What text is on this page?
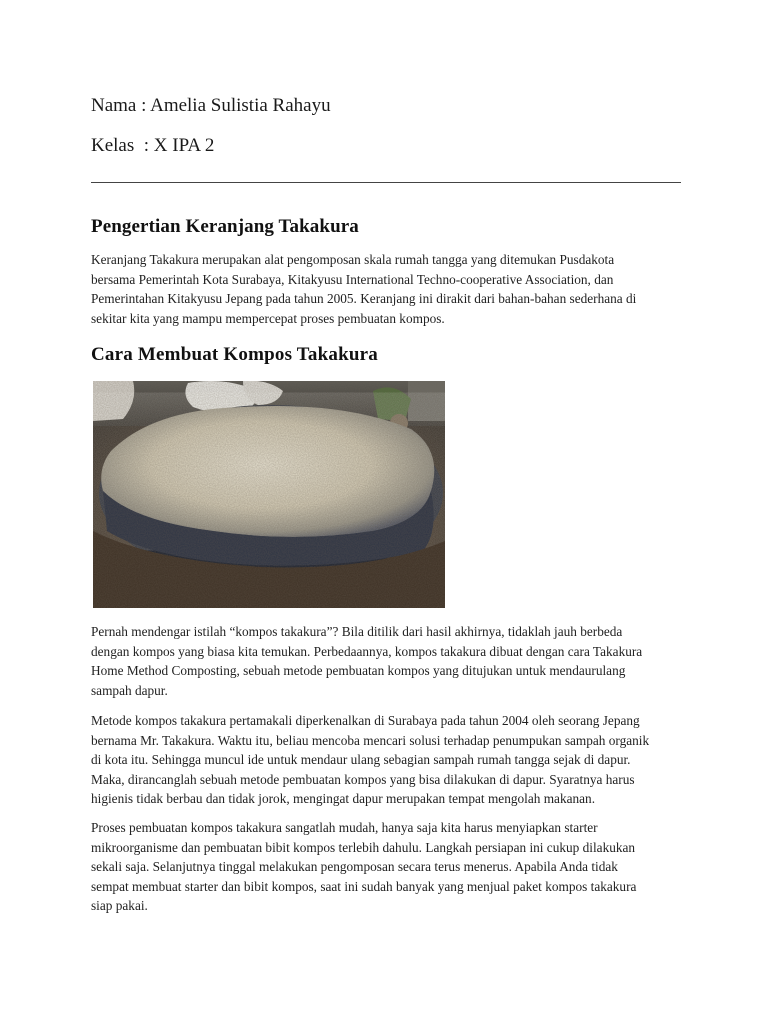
Nama : Amelia Sulistia Rahayu
Kelas  : X IPA 2
Pengertian Keranjang Takakura
Keranjang Takakura merupakan alat pengomposan skala rumah tangga yang ditemukan Pusdakota
bersama Pemerintah Kota Surabaya, Kitakyusu International Techno-cooperative Association, dan
Pemerintahan Kitakyusu Jepang pada tahun 2005. Keranjang ini dirakit dari bahan-bahan sederhana di
sekitar kita yang mampu mempercepat proses pembuatan kompos.
Cara Membuat Kompos Takakura
Pernah mendengar istilah “kompos takakura”? Bila ditilik dari hasil akhirnya, tidaklah jauh berbeda
dengan kompos yang biasa kita temukan. Perbedaannya, kompos takakura dibuat dengan cara Takakura
Home Method Composting, sebuah metode pembuatan kompos yang ditujukan untuk mendaurulang
sampah dapur.
Metode kompos takakura pertamakali diperkenalkan di Surabaya pada tahun 2004 oleh seorang Jepang
bernama Mr. Takakura. Waktu itu, beliau mencoba mencari solusi terhadap penumpukan sampah organik
di kota itu. Sehingga muncul ide untuk mendaur ulang sebagian sampah rumah tangga sejak di dapur.
Maka, dirancanglah sebuah metode pembuatan kompos yang bisa dilakukan di dapur. Syaratnya harus
higienis tidak berbau dan tidak jorok, mengingat dapur merupakan tempat mengolah makanan.
Proses pembuatan kompos takakura sangatlah mudah, hanya saja kita harus menyiapkan starter
mikroorganisme dan pembuatan bibit kompos terlebih dahulu. Langkah persiapan ini cukup dilakukan
sekali saja. Selanjutnya tinggal melakukan pengomposan secara terus menerus. Apabila Anda tidak
sempat membuat starter dan bibit kompos, saat ini sudah banyak yang menjual paket kompos takakura
siap pakai.
